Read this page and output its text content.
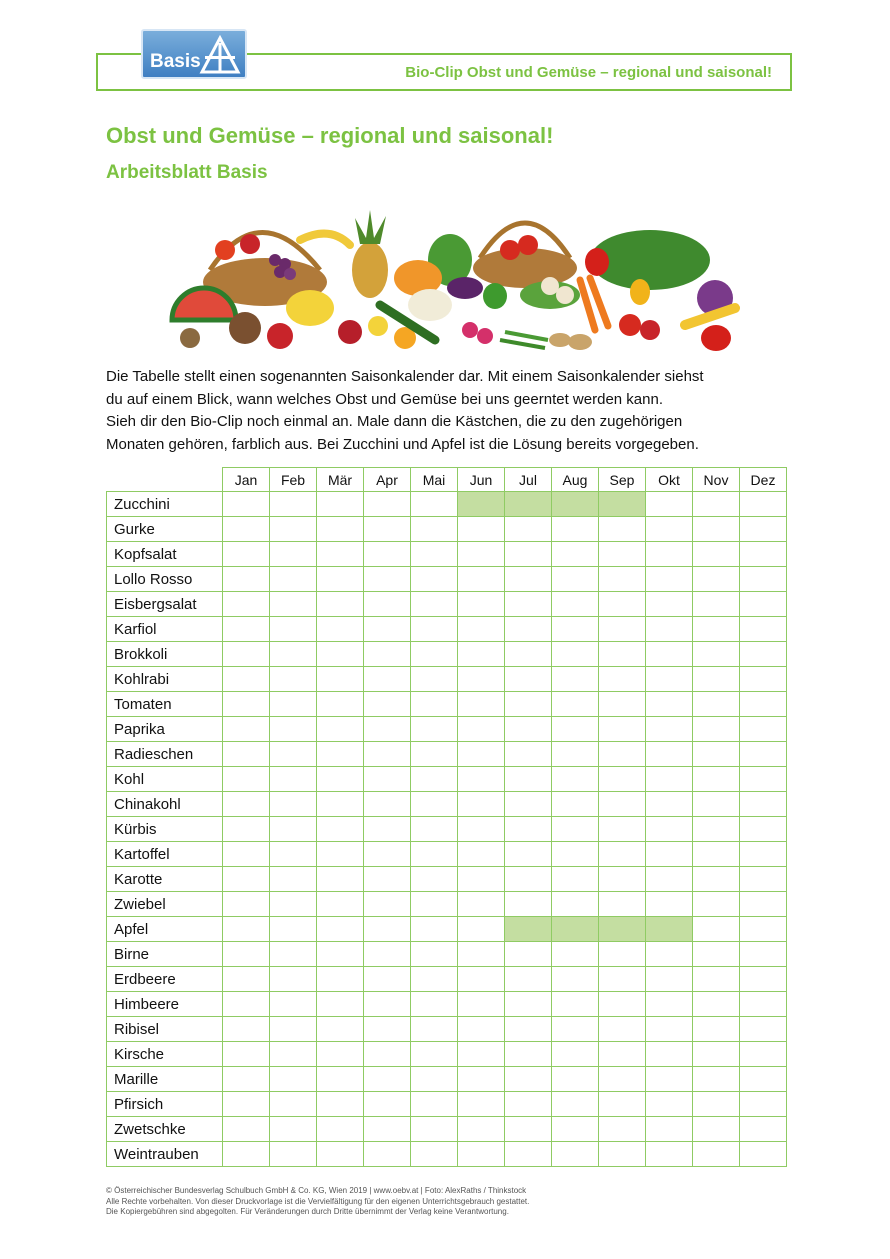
Bio-Clip Obst und Gemüse – regional und saisonal!
Basis
Obst und Gemüse – regional und saisonal!
Arbeitsblatt Basis

Die Tabelle stellt einen sogenannten Saisonkalender dar. Mit einem Saisonkalender siehst
du auf einem Blick, wann welches Obst und Gemüse bei uns geerntet werden kann.
Sieh dir den Bio-Clip noch einmal an. Male dann die Kästchen, die zu den zugehörigen
Monaten gehören, farblich aus. Bei Zucchini und Apfel ist die Lösung bereits vorgegeben.

	Jan	Feb	Mär	Apr	Mai	Jun	Jul	Aug	Sep	Okt	Nov	Dez
Zucchini												
Gurke												
Kopfsalat												
Lollo Rosso												
Eisbergsalat												
Karfiol												
Brokkoli												
Kohlrabi												
Tomaten												
Paprika												
Radieschen												
Kohl												
Chinakohl												
Kürbis												
Kartoffel												
Karotte												
Zwiebel												
Apfel												
Birne												
Erdbeere												
Himbeere												
Ribisel												
Kirsche												
Marille												
Pfirsich												
Zwetschke												
Weintrauben												

© Österreichischer Bundesverlag Schulbuch GmbH & Co. KG, Wien 2019 | www.oebv.at | Foto: AlexRaths / Thinkstock
Alle Rechte vorbehalten. Von dieser Druckvorlage ist die Vervielfältigung für den eigenen Unterrichtsgebrauch gestattet.
Die Kopiergebühren sind abgegolten. Für Veränderungen durch Dritte übernimmt der Verlag keine Verantwortung.
